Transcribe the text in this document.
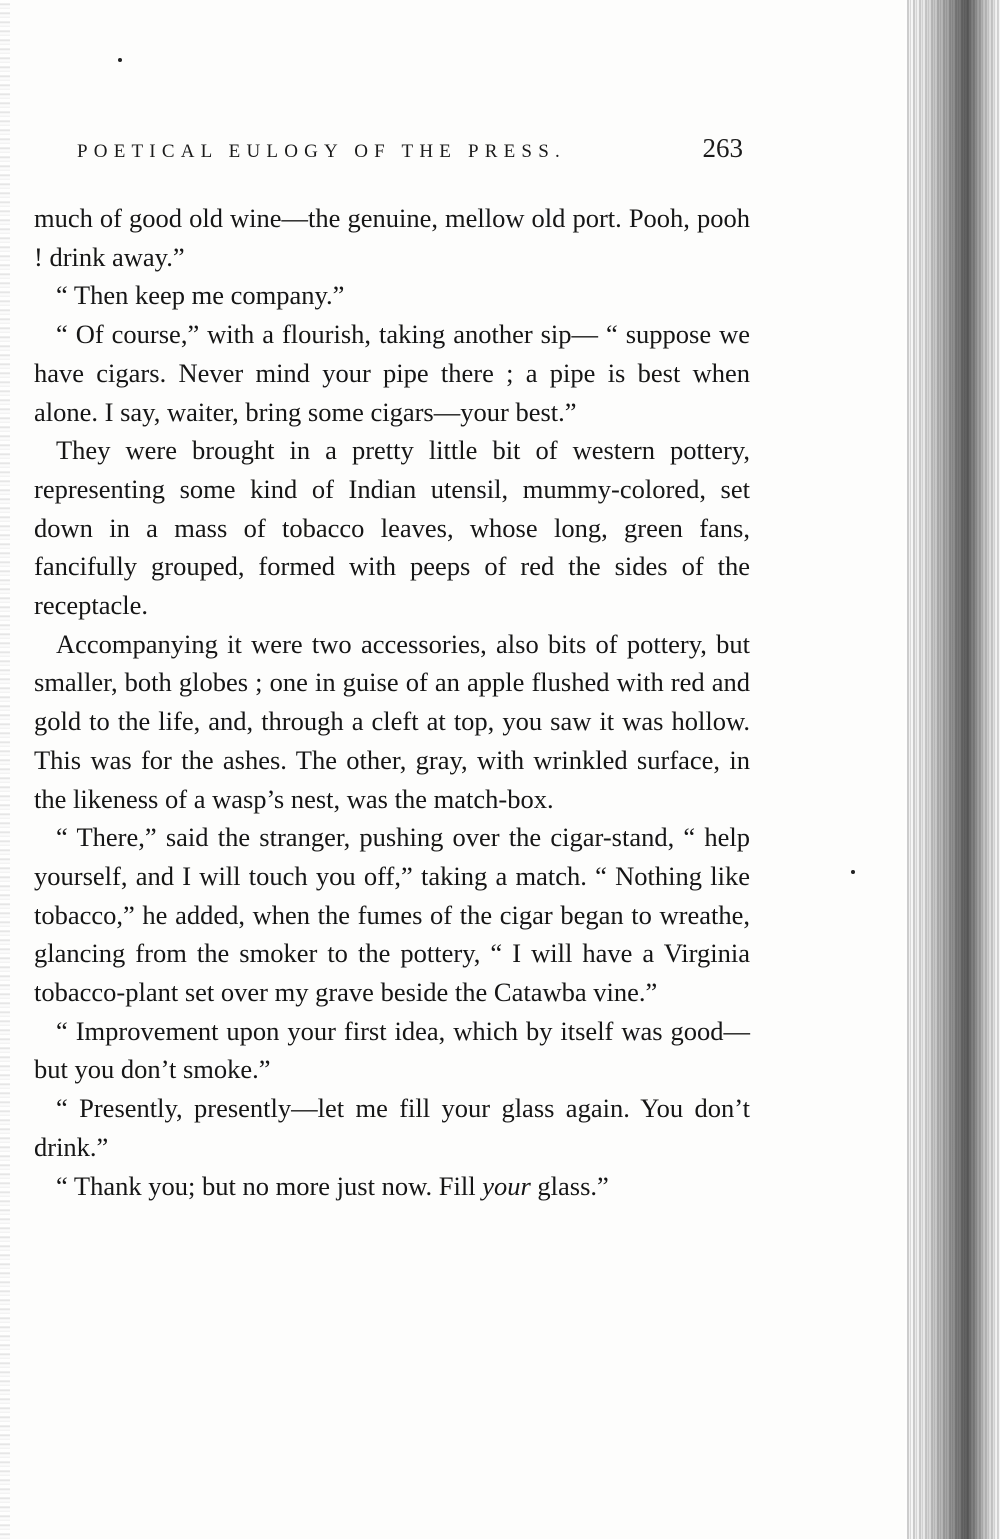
POETICAL EULOGY OF THE PRESS.	263

much of good old wine—the genuine, mellow old port. Pooh, pooh ! drink away.”

“ Then keep me company.”

“ Of course,” with a flourish, taking another sip— “ suppose we have cigars. Never mind your pipe there ; a pipe is best when alone. I say, waiter, bring some cigars—your best.”

They were brought in a pretty little bit of western pottery, representing some kind of Indian utensil, mummy-colored, set down in a mass of tobacco leaves, whose long, green fans, fancifully grouped, formed with peeps of red the sides of the receptacle.

Accompanying it were two accessories, also bits of pottery, but smaller, both globes ; one in guise of an apple flushed with red and gold to the life, and, through a cleft at top, you saw it was hollow. This was for the ashes. The other, gray, with wrinkled surface, in the likeness of a wasp’s nest, was the match-box.

“ There,” said the stranger, pushing over the cigar-stand, “ help yourself, and I will touch you off,” taking a match. “ Nothing like tobacco,” he added, when the fumes of the cigar began to wreathe, glancing from the smoker to the pottery, “ I will have a Virginia tobacco-plant set over my grave beside the Catawba vine.”

“ Improvement upon your first idea, which by itself was good—but you don’t smoke.”

“ Presently, presently—let me fill your glass again. You don’t drink.”

“ Thank you; but no more just now. Fill your glass.”
